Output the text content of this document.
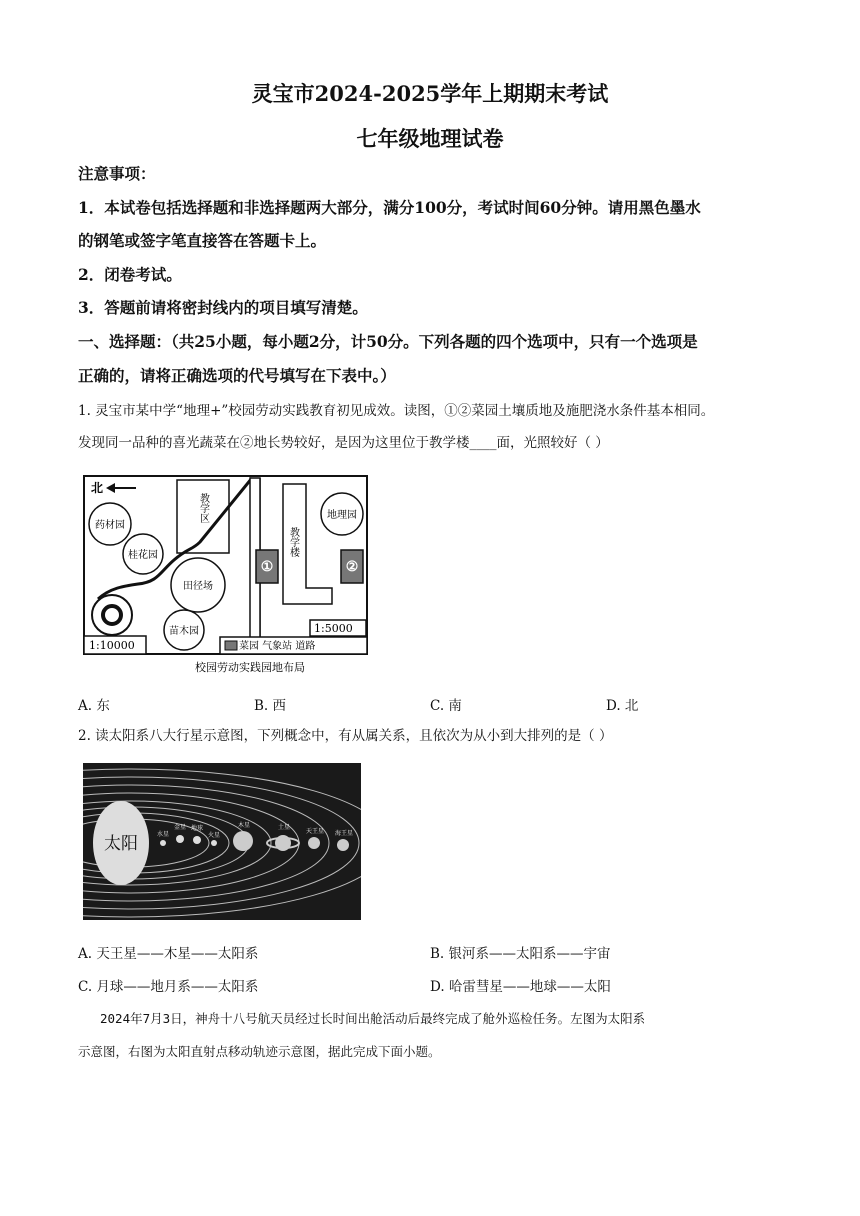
灵宝市2024-2025学年上期期末考试
七年级地理试卷
注意事项：
1．本试卷包括选择题和非选择题两大部分，满分100分，考试时间60分钟。请用黑色墨水
的钢笔或签字笔直接答在答题卡上。
2．闭卷考试。
3．答题前请将密封线内的项目填写清楚。
一、选择题：（共25小题，每小题2分，计50分。下列各题的四个选项中，只有一个选项是
正确的，请将正确选项的代号填写在下表中。）
1. 灵宝市某中学“地理+”校园劳动实践教育初见成效。读图，①②菜园土壤质地及施肥浇水条件基本相同。
发现同一品种的喜光蔬菜在②地长势较好，是因为这里位于教学楼____面，光照较好（ ）
北
药材园
桂花园
教学区
田径场
苗木园
教学楼
①	②
地理园
1:10000
1:5000
菜园 气象站 道路
校园劳动实践园地布局
A. 东	B. 西	C. 南	D. 北
2. 读太阳系八大行星示意图，下列概念中，有从属关系，且依次为从小到大排列的是（ ）
太阳	水星
金星 地球
火星
木星	土星
天王星 海王星
A. 天王星——木星——太阳系	B. 银河系——太阳系——宇宙
C. 月球——地月系——太阳系	D. 哈雷彗星——地球——太阳
2024年7月3日，神舟十八号航天员经过长时间出舱活动后最终完成了舱外巡检任务。左图为太阳系
示意图，右图为太阳直射点移动轨迹示意图，据此完成下面小题。
